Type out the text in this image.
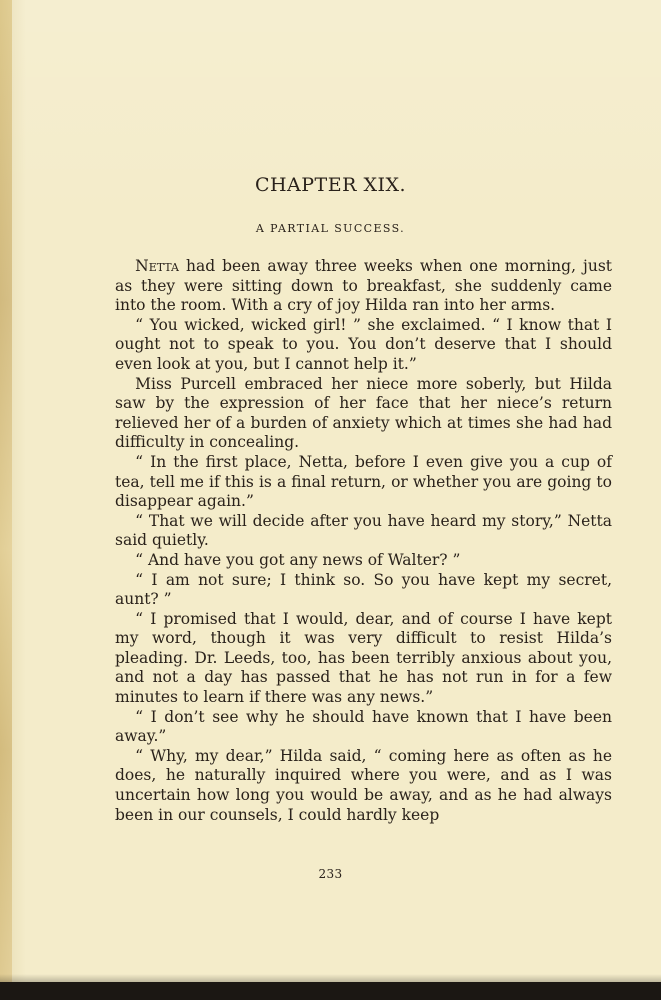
CHAPTER XIX.
A PARTIAL SUCCESS.

Netta had been away three weeks when one morning, just as they were sitting down to breakfast, she suddenly came into the room. With a cry of joy Hilda ran into her arms.

“ You wicked, wicked girl! ” she exclaimed. “ I know that I ought not to speak to you. You don’t deserve that I should even look at you, but I cannot help it.”

Miss Purcell embraced her niece more soberly, but Hilda saw by the expression of her face that her niece’s return relieved her of a burden of anxiety which at times she had had difficulty in concealing.

“ In the first place, Netta, before I even give you a cup of tea, tell me if this is a final return, or whether you are going to disappear again.”

“ That we will decide after you have heard my story,” Netta said quietly.

“ And have you got any news of Walter? ”

“ I am not sure; I think so. So you have kept my secret, aunt? ”

“ I promised that I would, dear, and of course I have kept my word, though it was very difficult to resist Hilda’s pleading. Dr. Leeds, too, has been terribly anxious about you, and not a day has passed that he has not run in for a few minutes to learn if there was any news.”

“ I don’t see why he should have known that I have been away.”

“ Why, my dear,” Hilda said, “ coming here as often as he does, he naturally inquired where you were, and as I was uncertain how long you would be away, and as he had always been in our counsels, I could hardly keep

233
